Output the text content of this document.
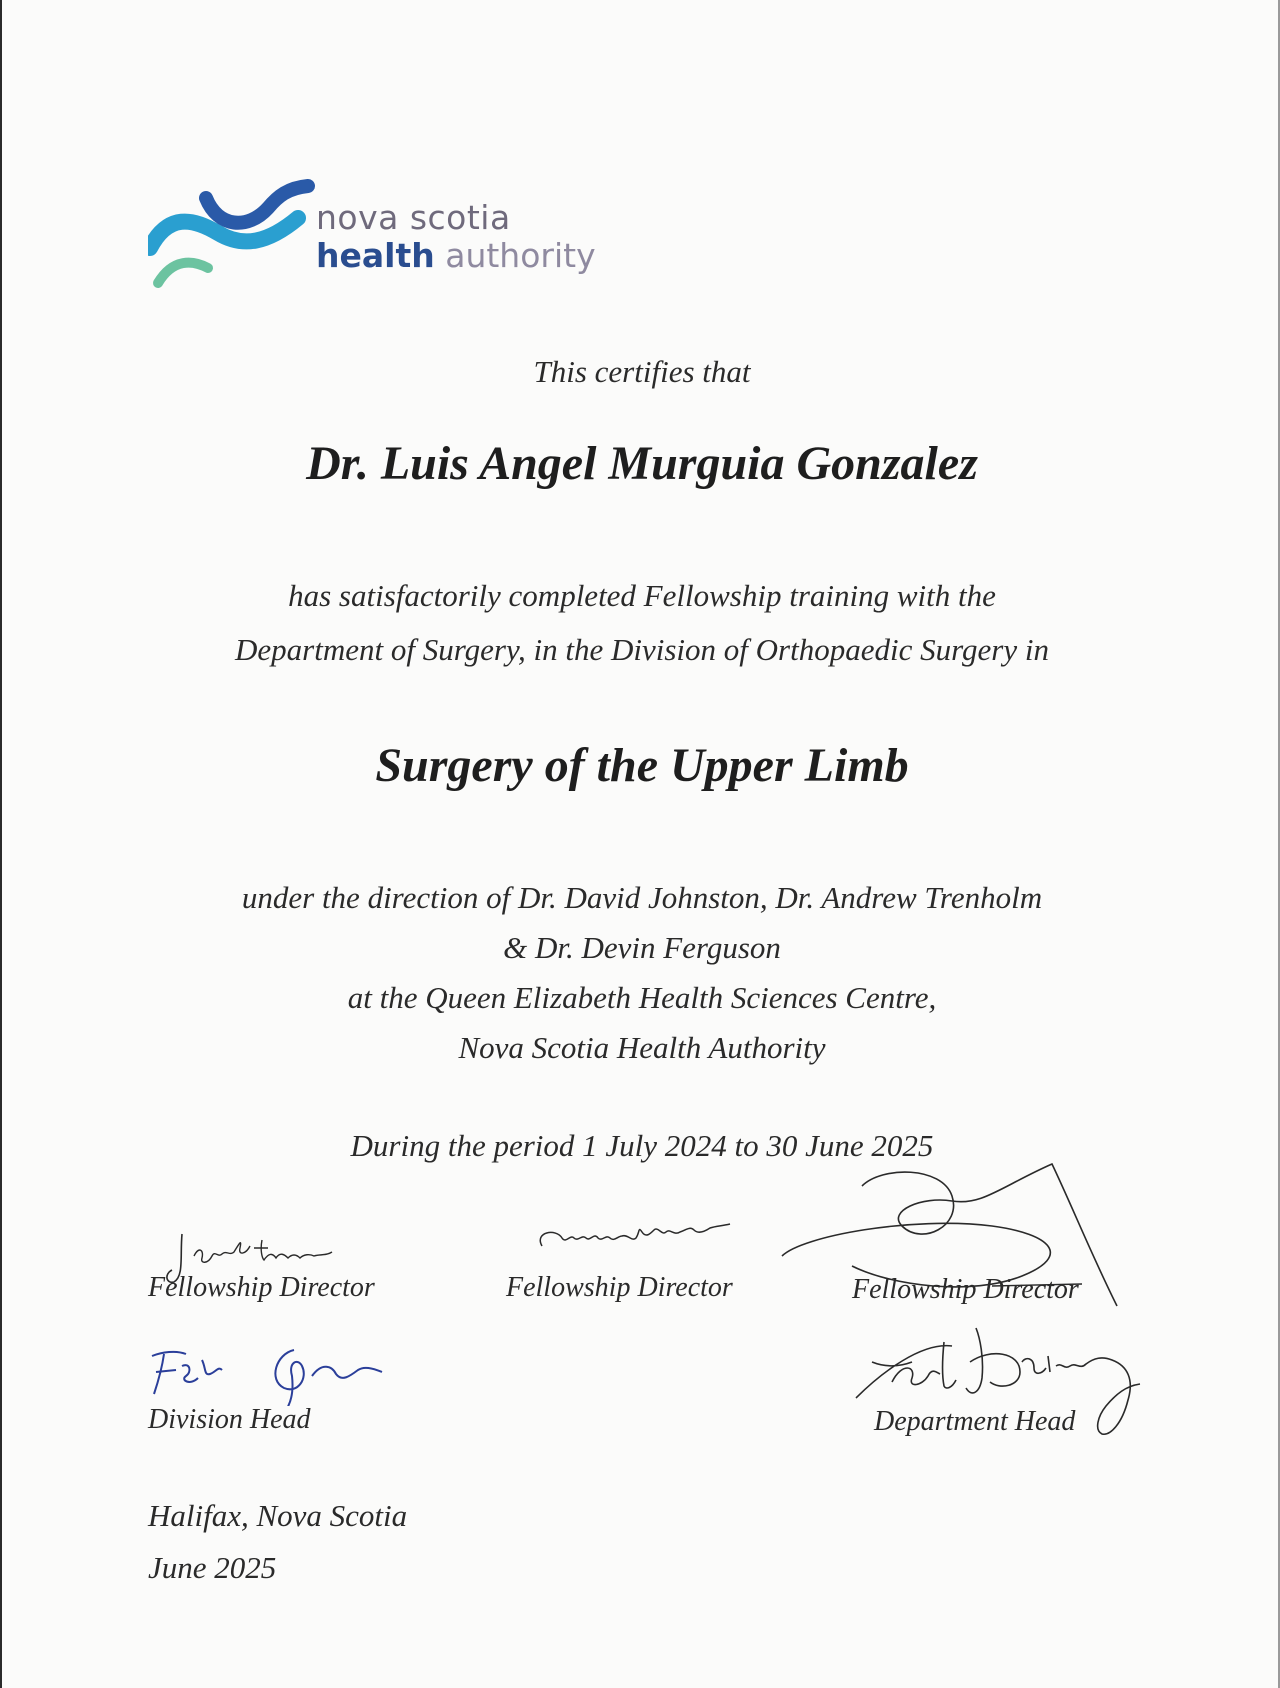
nova scotia
health authority
This certifies that
Dr. Luis Angel Murguia Gonzalez
has satisfactorily completed Fellowship training with the
Department of Surgery, in the Division of Orthopaedic Surgery in
Surgery of the Upper Limb
under the direction of Dr. David Johnston, Dr. Andrew Trenholm
& Dr. Devin Ferguson
at the Queen Elizabeth Health Sciences Centre,
Nova Scotia Health Authority
During the period 1 July 2024 to 30 June 2025
Fellowship Director	Fellowship Director	Fellowship Director
Division Head	Department Head
Halifax, Nova Scotia
June 2025
